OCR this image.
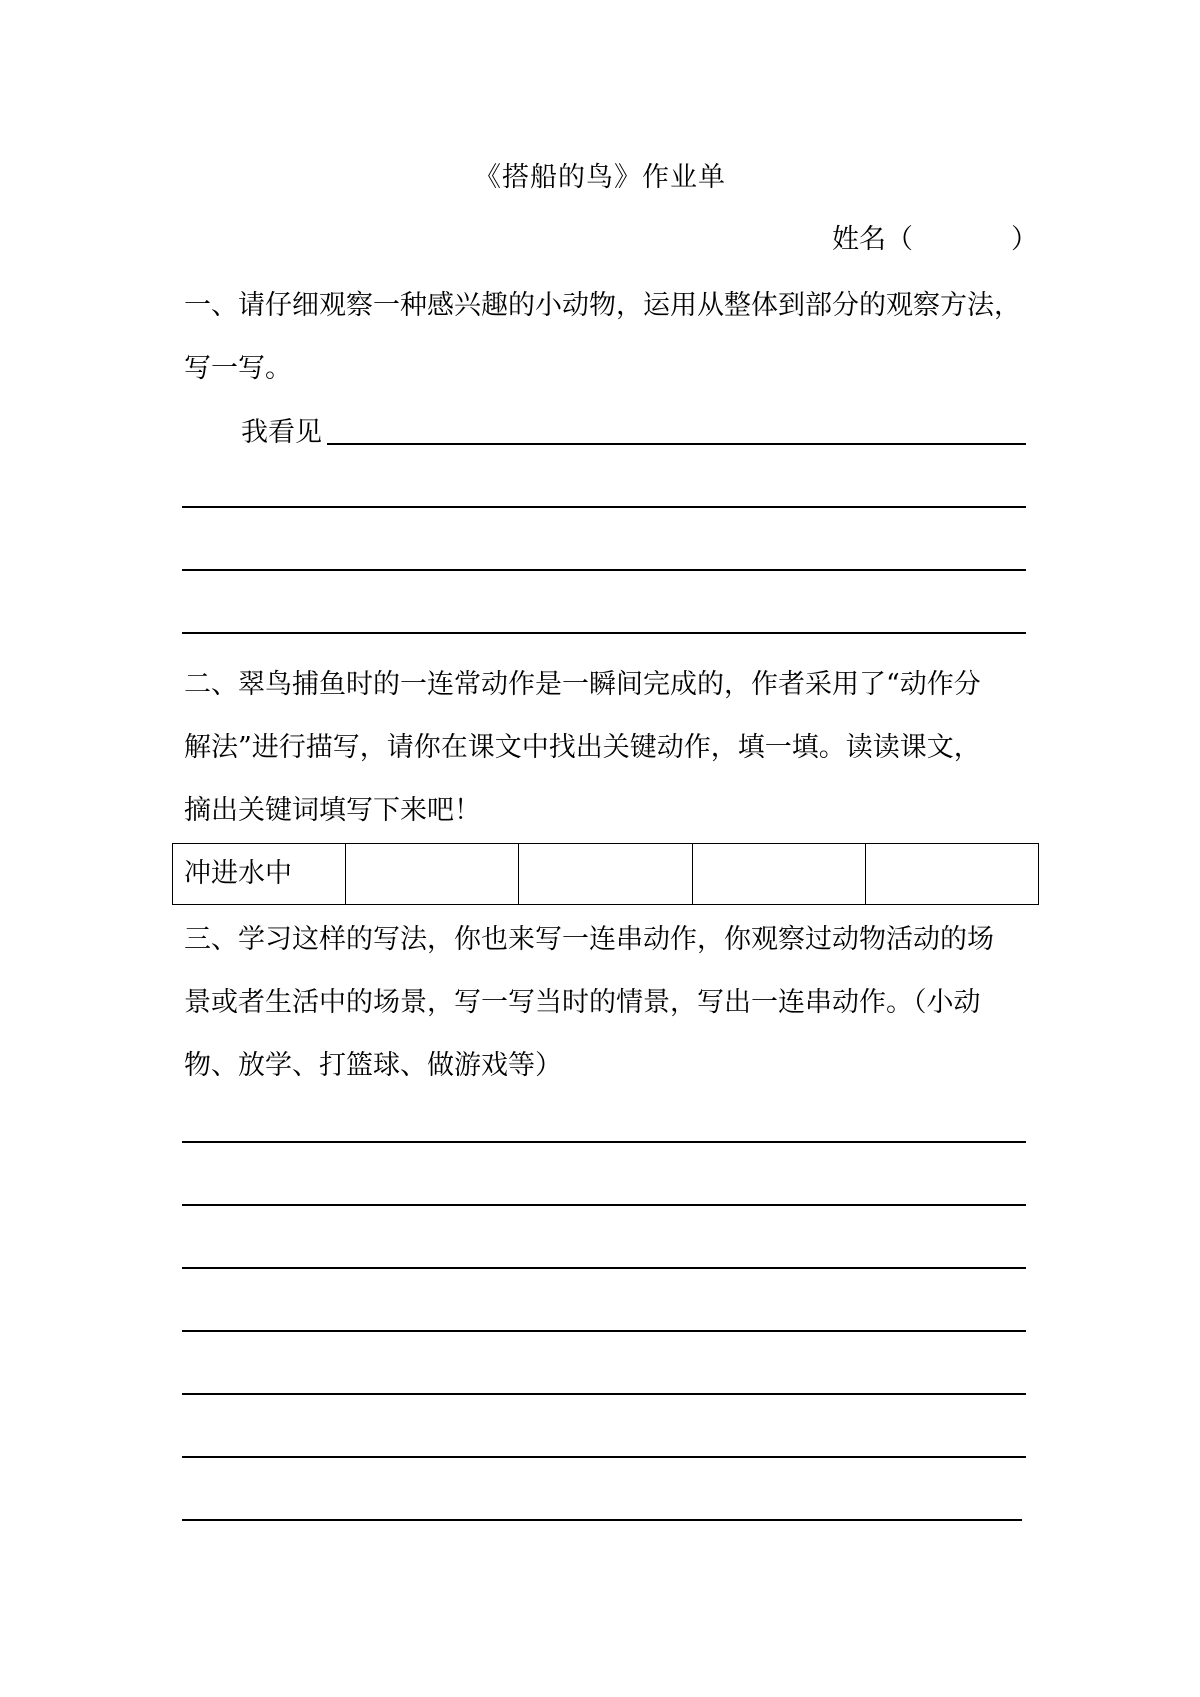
《搭船的鸟》作业单
姓名（	）
一、请仔细观察一种感兴趣的小动物，运用从整体到部分的观察方法，
写一写。
我看见
二、翠鸟捕鱼时的一连常动作是一瞬间完成的，作者采用了“动作分
解法”进行描写，请你在课文中找出关键动作，填一填。读读课文，
摘出关键词填写下来吧！
冲进水中				
三、学习这样的写法，你也来写一连串动作，你观察过动物活动的场
景或者生活中的场景，写一写当时的情景，写出一连串动作。（小动
物、放学、打篮球、做游戏等）
